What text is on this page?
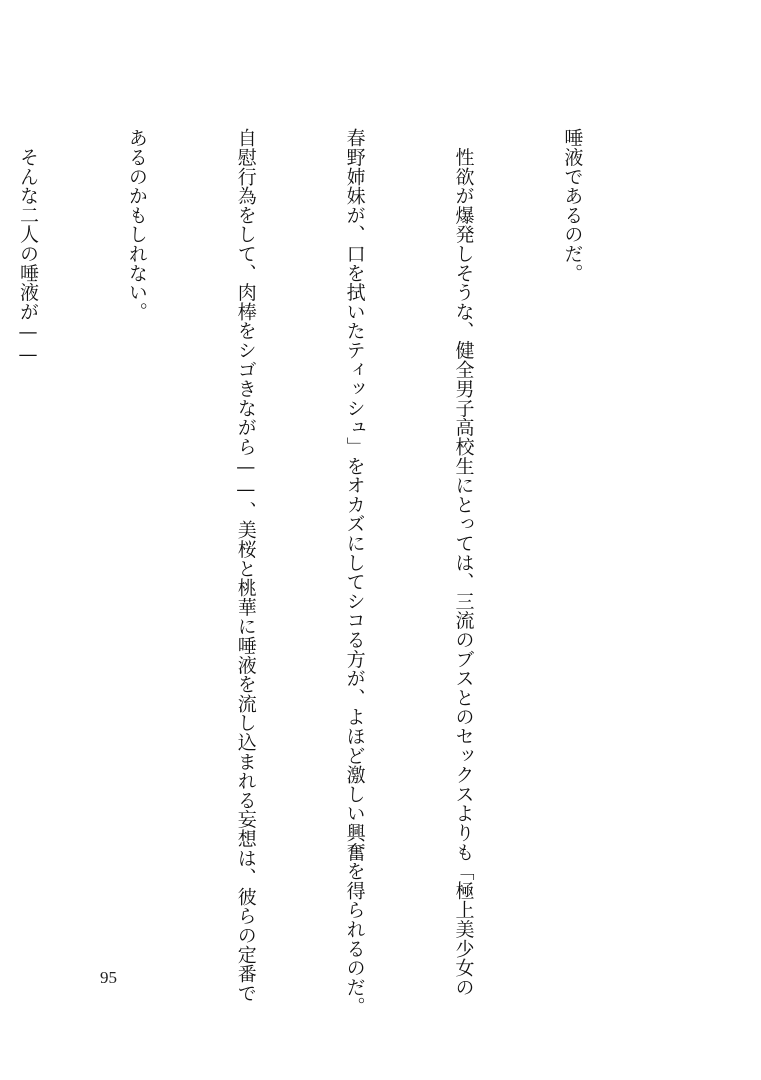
唾液であるのだ。

　性欲が爆発しそうな、健全男子高校生にとっては、三流のブスとのセックスよりも「極上美少女の

春野姉妹が、口を拭いたティッシュ」をオカズにしてシコる方が、よほど激しい興奮を得られるのだ。

自慰行為をして、肉棒をシゴきながら——、美桜と桃華に唾液を流し込まれる妄想は、彼らの定番で

あるのかもしれない。

　そんな二人の唾液が——

95
